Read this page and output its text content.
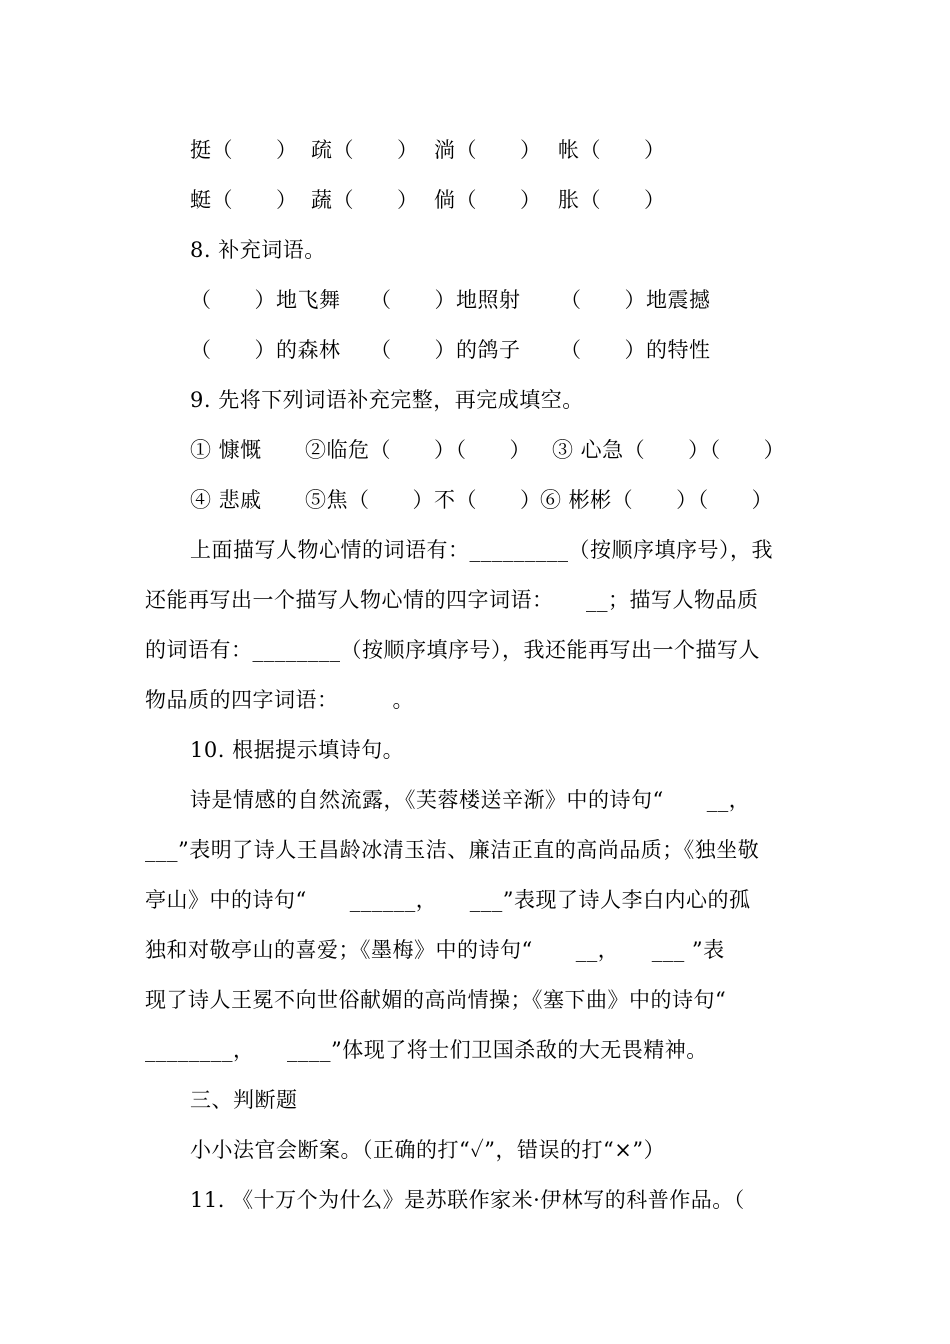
挺（　　）

疏（　　）

淌（　　）

帐（　　）

蜓（　　）

蔬（　　）

倘（　　）

胀（　　）

8. 补充词语。

（　　）地飞舞

（　　）地照射

（　　）地震撼

（　　）的森林

（　　）的鸽子

（　　）的特性

9. 先将下列词语补充完整，再完成填空。

① 慷慨

②临危（　　）（　　）

③ 心急（　　）（　　）

④ 悲戚

⑤焦（　　）不（　　）

⑥ 彬彬（　　）（　　）

上面描写人物心情的词语有：_________（按顺序填序号），我
还能再写出一个描写人物心情的四字词语：　　__；描写人物品质
的词语有：________（按顺序填序号），我还能再写出一个描写人
物品质的四字词语：　　　。
10. 根据提示填诗句。
诗是情感的自然流露，《芙蓉楼送辛渐》中的诗句“　　__，
___”表明了诗人王昌龄冰清玉洁、廉洁正直的高尚品质；《独坐敬
亭山》中的诗句“　　______，　　___”表现了诗人李白内心的孤
独和对敬亭山的喜爱；《墨梅》中的诗句“　　__，　　___ ”表
现了诗人王冕不向世俗献媚的高尚情操；《塞下曲》中的诗句“
________，　　____”体现了将士们卫国杀敌的大无畏精神。
三、判断题
小小法官会断案。（正确的打“✓”，错误的打“×”）
11. 《十万个为什么》是苏联作家米·伊林写的科普作品。（
